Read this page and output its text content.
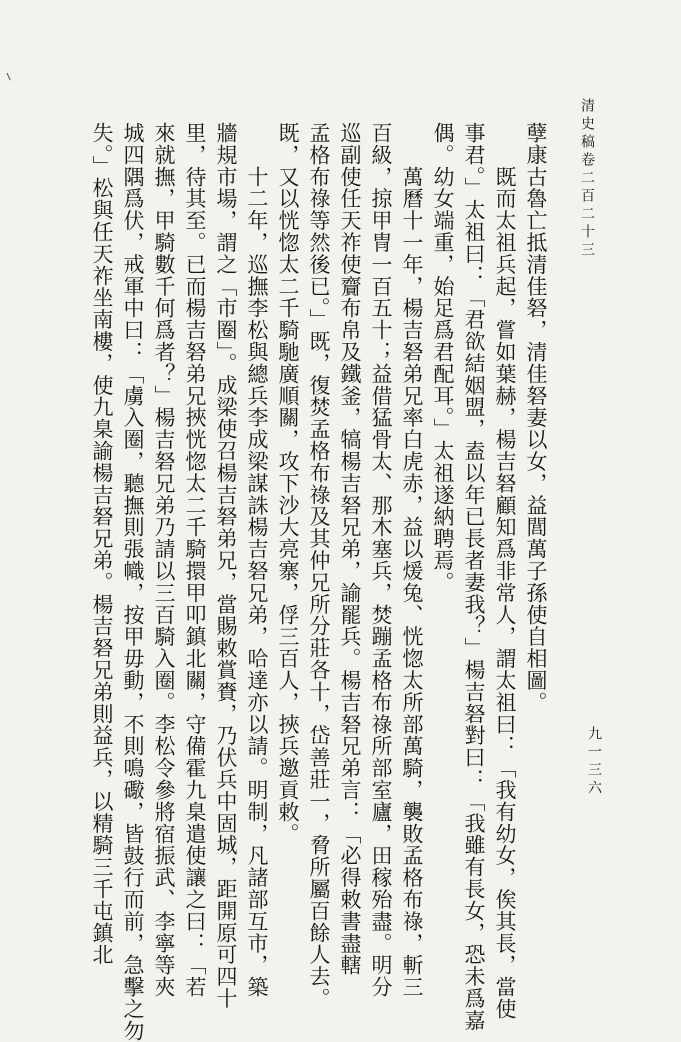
清史稿卷二百二十三
九一三六
孽康古魯亡抵清佳砮，清佳砮妻以女，益閭萬子孫使自相圖。
　　既而太祖兵起，嘗如葉赫，楊吉砮顧知爲非常人，謂太祖曰：「我有幼女，俟其長，當使
事君。」太祖曰：「君欲結姻盟，盍以年已長者妻我？」楊吉砮對曰：「我雖有長女，恐未爲嘉
偶。幼女端重，始足爲君配耳。」太祖遂納聘焉。
　　萬曆十一年，楊吉砮弟兄率白虎赤，益以煖兔、恍惚太所部萬騎，襲敗孟格布祿，斬三
百級，掠甲冑一百五十；益借猛骨太、那木塞兵，焚蹦孟格布祿所部室廬，田稼殆盡。明分
巡副使任天祚使齎布帛及鐵釜，犒楊吉砮兄弟，諭罷兵。楊吉砮兄弟言：「必得敕書盡轄
孟格布祿等然後已。」既，復焚孟格布祿及其仲兄所分莊各十，岱善莊一，脅所屬百餘人去。
既，又以恍惚太二千騎馳廣順關，攻下沙大亮寨，俘三百人，挾兵邀貢敕。
　　十二年，巡撫李松與總兵李成梁謀誅楊吉砮兄弟，哈達亦以請。明制，凡諸部互市，築
牆規市場，謂之「市圈」。成梁使召楊吉砮弟兄，當賜敕賞賚，乃伏兵中固城，距開原可四十
里，待其至。已而楊吉砮弟兄挾恍惚太二千騎擐甲叩鎮北關，守備霍九臬遣使讓之曰：「若
來就撫，甲騎數千何爲者？」楊吉砮兄弟乃請以三百騎入圈。李松令參將宿振武、李寧等夾
城四隅爲伏，戒軍中曰：「虜入圈，聽撫則張幟，按甲毋動，不則鳴礮，皆鼓行而前，急擊之勿
失。」松與任天祚坐南樓，使九臬諭楊吉砮兄弟。楊吉砮兄弟則益兵，以精騎三千屯鎮北
